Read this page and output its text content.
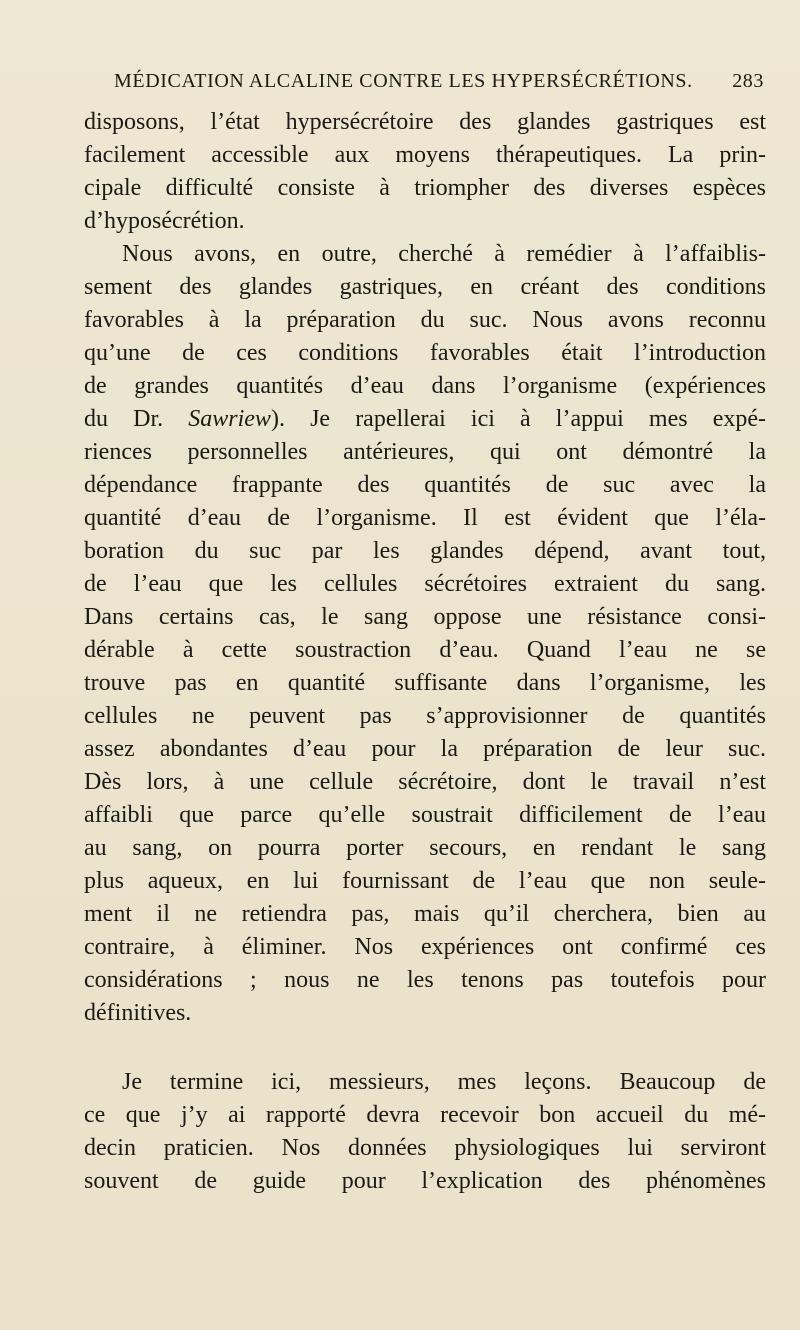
MÉDICATION ALCALINE CONTRE LES HYPERSÉCRÉTIONS. 283
disposons, l’état hypersécrétoire des glandes gastriques est
facilement accessible aux moyens thérapeutiques. La prin-
cipale difficulté consiste à triompher des diverses espèces
d’hyposécrétion.
Nous avons, en outre, cherché à remédier à l’affaiblis-
sement des glandes gastriques, en créant des conditions
favorables à la préparation du suc. Nous avons reconnu
qu’une de ces conditions favorables était l’introduction
de grandes quantités d’eau dans l’organisme (expériences
du Dr. Sawriew). Je rapellerai ici à l’appui mes expé-
riences personnelles antérieures, qui ont démontré la
dépendance frappante des quantités de suc avec la
quantité d’eau de l’organisme. Il est évident que l’éla-
boration du suc par les glandes dépend, avant tout,
de l’eau que les cellules sécrétoires extraient du sang.
Dans certains cas, le sang oppose une résistance consi-
dérable à cette soustraction d’eau. Quand l’eau ne se
trouve pas en quantité suffisante dans l’organisme, les
cellules ne peuvent pas s’approvisionner de quantités
assez abondantes d’eau pour la préparation de leur suc.
Dès lors, à une cellule sécrétoire, dont le travail n’est
affaibli que parce qu’elle soustrait difficilement de l’eau
au sang, on pourra porter secours, en rendant le sang
plus aqueux, en lui fournissant de l’eau que non seule-
ment il ne retiendra pas, mais qu’il cherchera, bien au
contraire, à éliminer. Nos expériences ont confirmé ces
considérations ; nous ne les tenons pas toutefois pour
définitives.
Je termine ici, messieurs, mes leçons. Beaucoup de
ce que j’y ai rapporté devra recevoir bon accueil du mé-
decin praticien. Nos données physiologiques lui serviront
souvent de guide pour l’explication des phénomènes
